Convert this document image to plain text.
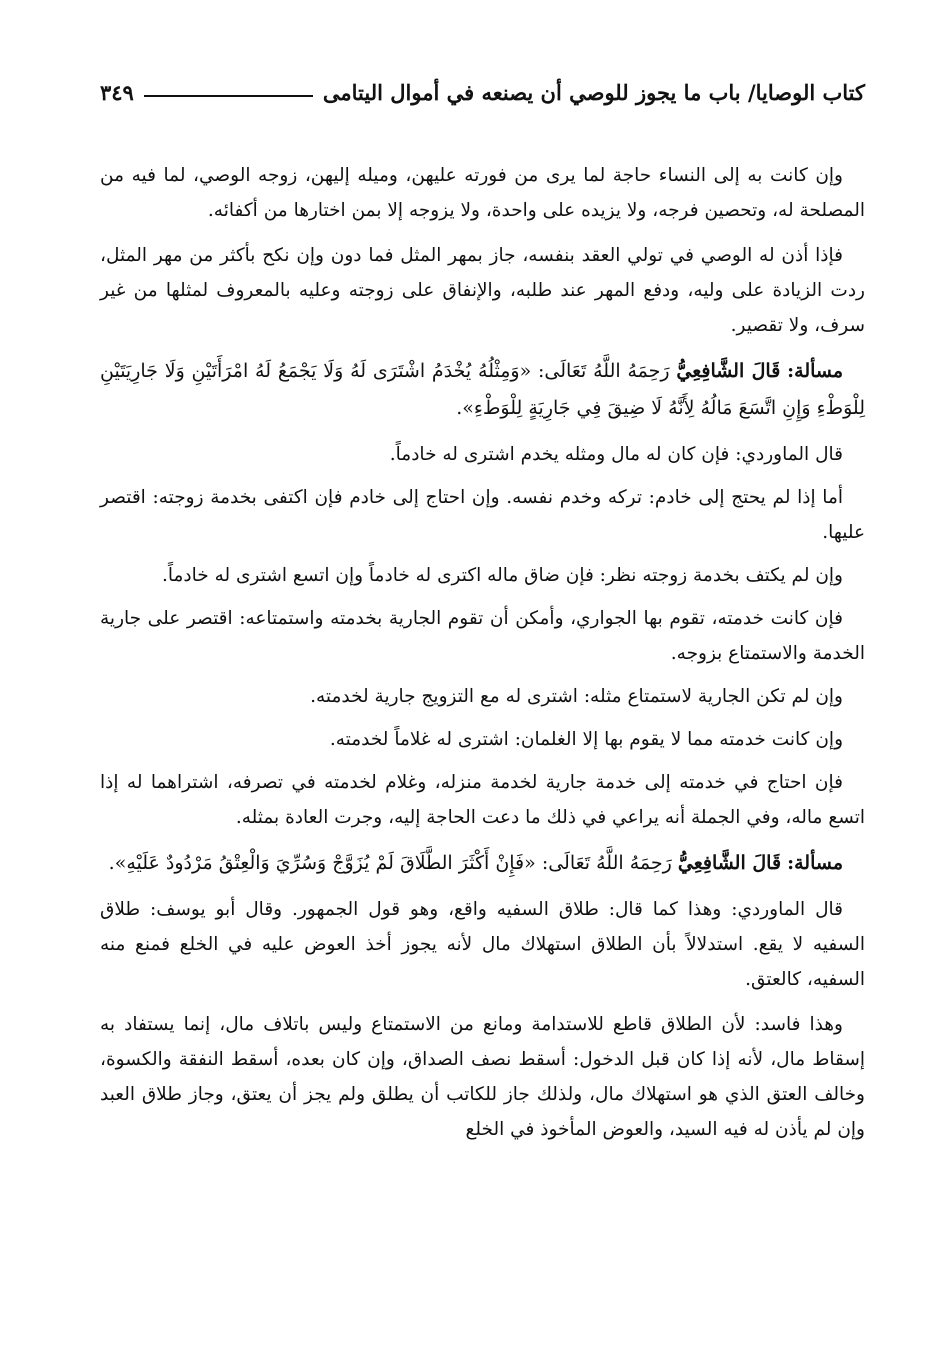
كتاب الوصايا/ باب ما يجوز للوصي أن يصنعه في أموال اليتامى
٣٤٩

وإن كانت به إلى النساء حاجة لما يرى من فورته عليهن، وميله إليهن، زوجه الوصي، لما فيه من المصلحة له، وتحصين فرجه، ولا يزيده على واحدة، ولا يزوجه إلا بمن اختارها من أكفائه.

فإذا أذن له الوصي في تولي العقد بنفسه، جاز بمهر المثل فما دون وإن نكح بأكثر من مهر المثل، ردت الزيادة على وليه، ودفع المهر عند طلبه، والإنفاق على زوجته وعليه بالمعروف لمثلها من غير سرف، ولا تقصير.

مسألة: قَالَ الشَّافِعِيُّ رَحِمَهُ اللَّهُ تَعَالَى: «وَمِثْلُهُ يُخْدَمُ اشْتَرَى لَهُ وَلَا يَجْمَعُ لَهُ امْرَأَتَيْنِ وَلَا جَارِيَتَيْنِ لِلْوَطْءِ وَإِنِ اتَّسَعَ مَالُهُ لِأَنَّهُ لَا ضِيقَ فِي جَارِيَةٍ لِلْوَطْءِ».

قال الماوردي: فإن كان له مال ومثله يخدم اشترى له خادماً.

أما إذا لم يحتج إلى خادم: تركه وخدم نفسه. وإن احتاج إلى خادم فإن اكتفى بخدمة زوجته: اقتصر عليها.

وإن لم يكتف بخدمة زوجته نظر: فإن ضاق ماله اكترى له خادماً وإن اتسع اشترى له خادماً.

فإن كانت خدمته، تقوم بها الجواري، وأمكن أن تقوم الجارية بخدمته واستمتاعه: اقتصر على جارية الخدمة والاستمتاع بزوجه.

وإن لم تكن الجارية لاستمتاع مثله: اشترى له مع التزويج جارية لخدمته.

وإن كانت خدمته مما لا يقوم بها إلا الغلمان: اشترى له غلاماً لخدمته.

فإن احتاج في خدمته إلى خدمة جارية لخدمة منزله، وغلام لخدمته في تصرفه، اشتراهما له إذا اتسع ماله، وفي الجملة أنه يراعي في ذلك ما دعت الحاجة إليه، وجرت العادة بمثله.

مسألة: قَالَ الشَّافِعِيُّ رَحِمَهُ اللَّهُ تَعَالَى: «فَإِنْ أَكْثَرَ الطَّلَاقَ لَمْ يُزَوَّجْ وَسُرِّيَ وَالْعِتْقُ مَرْدُودٌ عَلَيْهِ».

قال الماوردي: وهذا كما قال: طلاق السفيه واقع، وهو قول الجمهور. وقال أبو يوسف: طلاق السفيه لا يقع. استدلالاً بأن الطلاق استهلاك مال لأنه يجوز أخذ العوض عليه في الخلع فمنع منه السفيه، كالعتق.

وهذا فاسد: لأن الطلاق قاطع للاستدامة ومانع من الاستمتاع وليس باتلاف مال، إنما يستفاد به إسقاط مال، لأنه إذا كان قبل الدخول: أسقط نصف الصداق، وإن كان بعده، أسقط النفقة والكسوة، وخالف العتق الذي هو استهلاك مال، ولذلك جاز للكاتب أن يطلق ولم يجز أن يعتق، وجاز طلاق العبد وإن لم يأذن له فيه السيد، والعوض المأخوذ في الخلع
